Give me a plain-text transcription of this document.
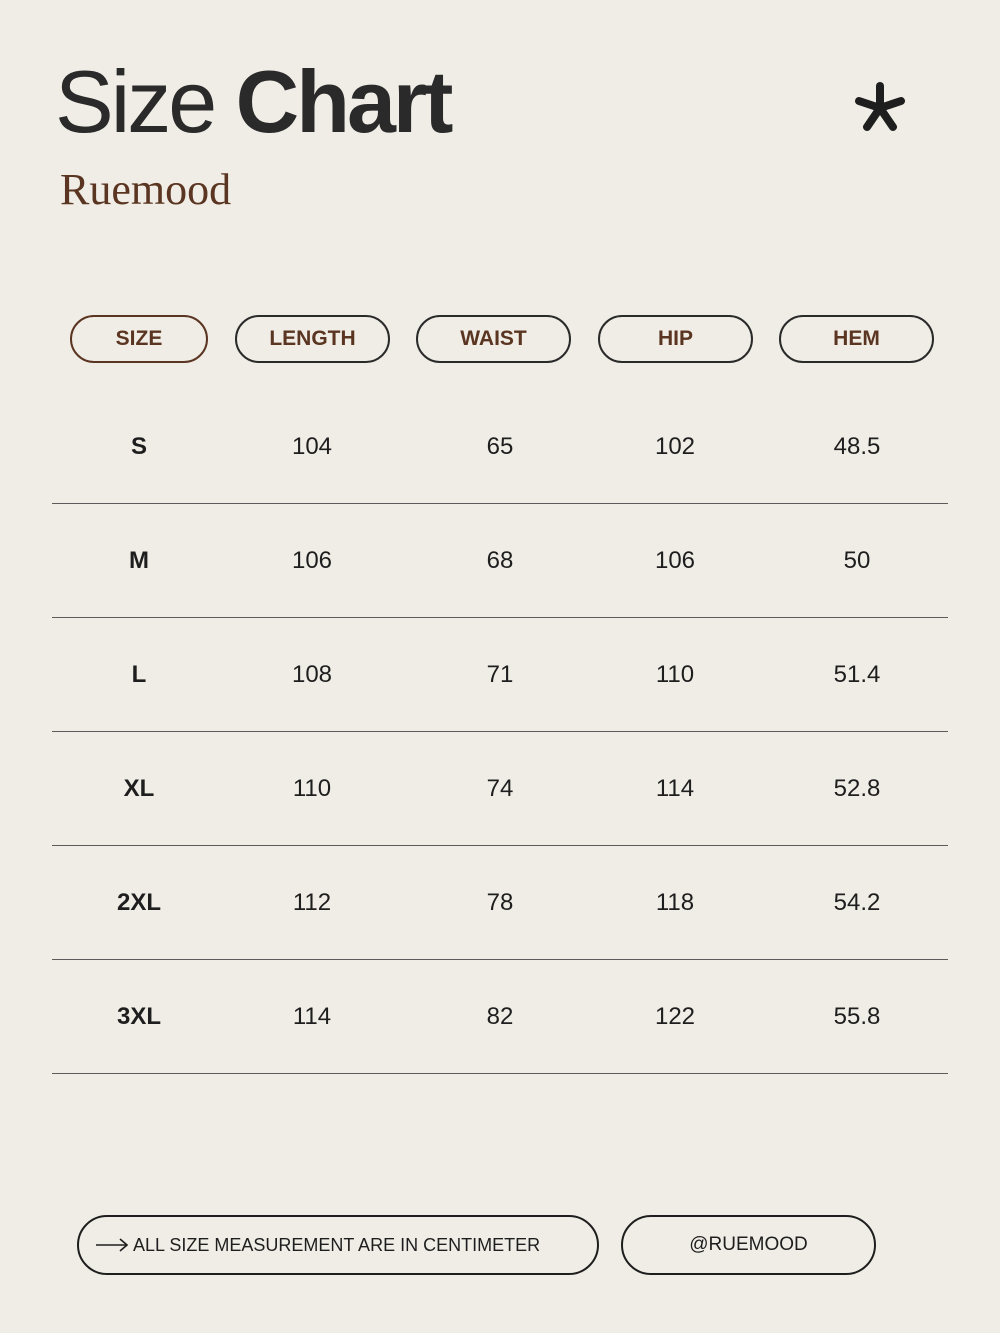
Size Chart
Ruemood
SIZE	LENGTH	WAIST	HIP	HEM
S	104	65	102	48.5
M	106	68	106	50
L	108	71	110	51.4
XL	110	74	114	52.8
2XL	112	78	118	54.2
3XL	114	82	122	55.8
ALL SIZE MEASUREMENT ARE IN CENTIMETER	@RUEMOOD
